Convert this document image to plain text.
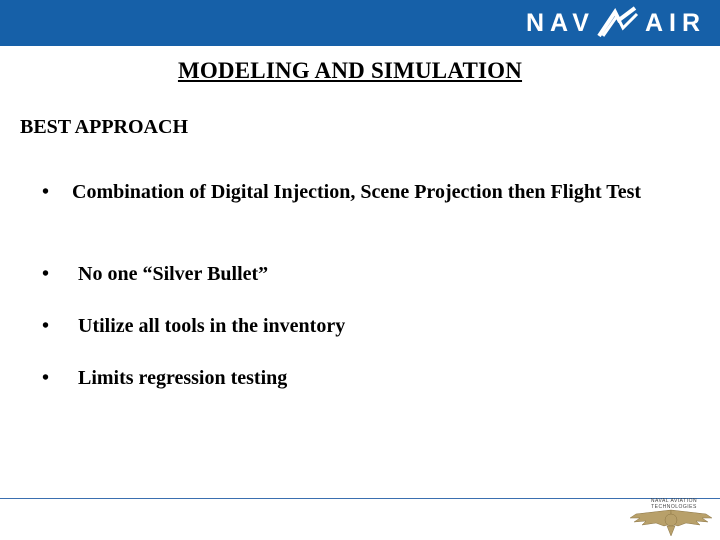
NAV AIR
MODELING AND SIMULATION
BEST APPROACH
• Combination of Digital Injection, Scene Projection then Flight Test
• No one “Silver Bullet”
• Utilize all tools in the inventory
• Limits regression testing
NAVAL AVIATION TECHNOLOGIES
